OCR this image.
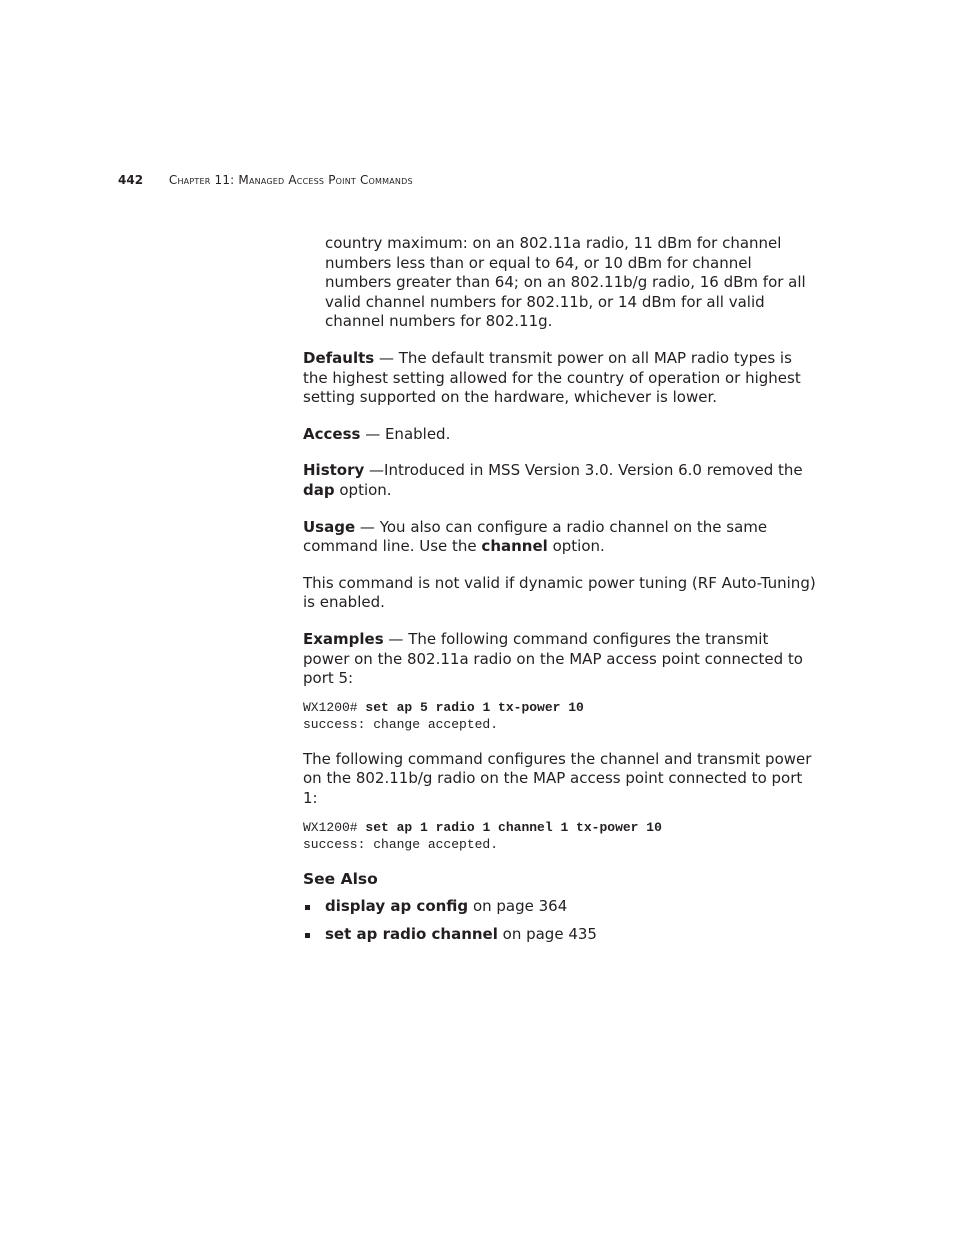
442 Chapter 11: Managed Access Point Commands

country maximum: on an 802.11a radio, 11 dBm for channel numbers less than or equal to 64, or 10 dBm for channel numbers greater than 64; on an 802.11b/g radio, 16 dBm for all valid channel numbers for 802.11b, or 14 dBm for all valid channel numbers for 802.11g.

Defaults — The default transmit power on all MAP radio types is the highest setting allowed for the country of operation or highest setting supported on the hardware, whichever is lower.

Access — Enabled.

History —Introduced in MSS Version 3.0. Version 6.0 removed the dap option.

Usage — You also can configure a radio channel on the same command line. Use the channel option.

This command is not valid if dynamic power tuning (RF Auto-Tuning) is enabled.

Examples — The following command configures the transmit power on the 802.11a radio on the MAP access point connected to port 5:

WX1200# set ap 5 radio 1 tx-power 10
success: change accepted.

The following command configures the channel and transmit power on the 802.11b/g radio on the MAP access point connected to port 1:

WX1200# set ap 1 radio 1 channel 1 tx-power 10
success: change accepted.
See Also
display ap config on page 364
set ap radio channel on page 435
